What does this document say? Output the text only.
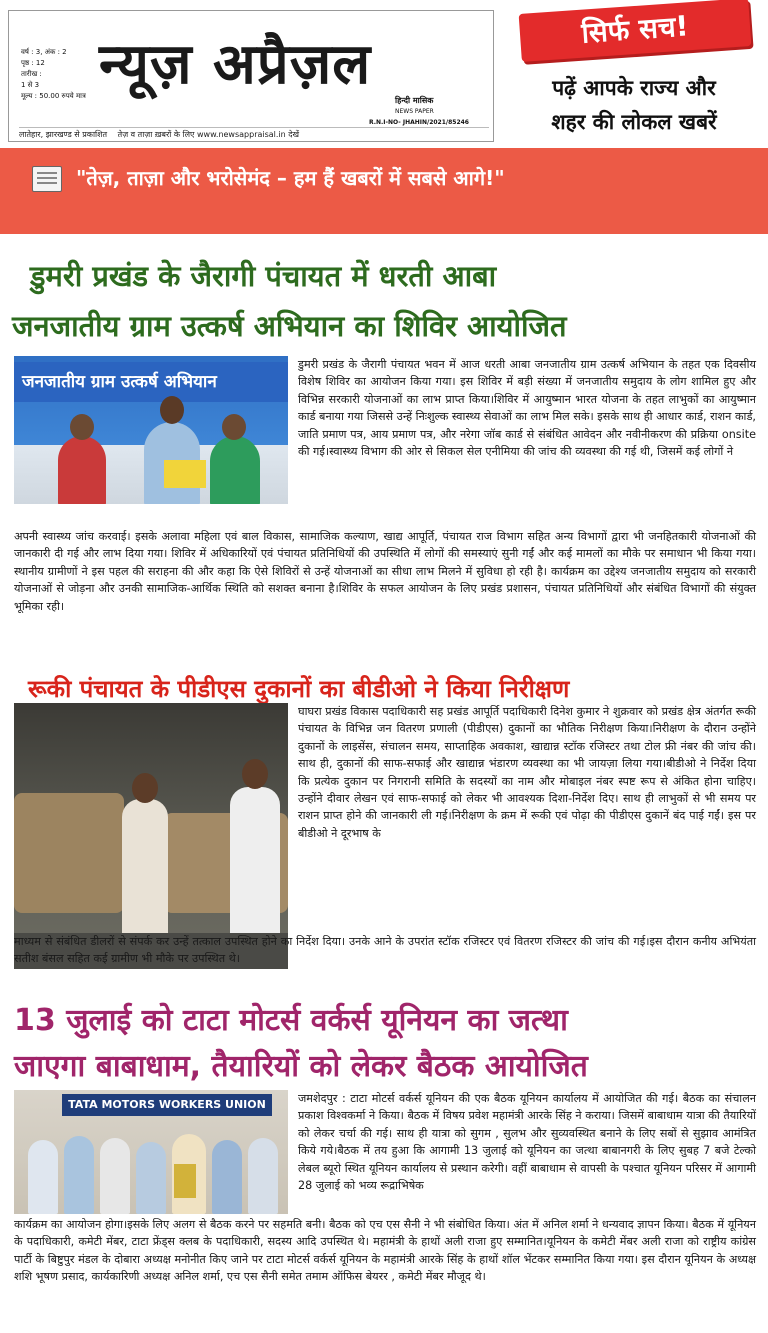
वर्ष : 3, अंक : 2
पृष्ठ : 12
तारीख :
1 से 3
मूल्य : 50.00 रुपये मात्र न्यूज़ अप्रैज़ल
हिन्दी मासिक
NEWS PAPER
R.N.I-NO- JHAHIN/2021/85246
लातेहार, झारखण्ड से प्रकाशित तेज़ व ताज़ा ख़बरों के लिए www.newsappraisal.in देखें
सिर्फ सच!
पढ़ें आपके राज्य और
शहर की लोकल खबरें
"तेज़, ताज़ा और भरोसेमंद – हम हैं खबरों में सबसे आगे!"
डुमरी प्रखंड के जैरागी पंचायत में धरती आबा
जनजातीय ग्राम उत्कर्ष अभियान का शिविर आयोजित
जनजातीय ग्राम उत्कर्ष अभियान
डुमरी प्रखंड के जैरागी पंचायत भवन में आज धरती आबा जनजातीय ग्राम उत्कर्ष अभियान के तहत एक दिवसीय विशेष शिविर का आयोजन किया गया। इस शिविर में बड़ी संख्या में जनजातीय समुदाय के लोग शामिल हुए और विभिन्न सरकारी योजनाओं का लाभ प्राप्त किया।शिविर में आयुष्मान भारत योजना के तहत लाभुकों का आयुष्मान कार्ड बनाया गया जिससे उन्हें निःशुल्क स्वास्थ्य सेवाओं का लाभ मिल सके। इसके साथ ही आधार कार्ड, राशन कार्ड, जाति प्रमाण पत्र, आय प्रमाण पत्र, और नरेगा जॉब कार्ड से संबंधित आवेदन और नवीनीकरण की प्रक्रिया onsite की गई।स्वास्थ्य विभाग की ओर से सिकल सेल एनीमिया की जांच की व्यवस्था की गई थी, जिसमें कई लोगों ने
अपनी स्वास्थ्य जांच करवाई। इसके अलावा महिला एवं बाल विकास, सामाजिक कल्याण, खाद्य आपूर्ति, पंचायत राज विभाग सहित अन्य विभागों द्वारा भी जनहितकारी योजनाओं की जानकारी दी गई और लाभ दिया गया। शिविर में अधिकारियों एवं पंचायत प्रतिनिधियों की उपस्थिति में लोगों की समस्याएं सुनी गईं और कई मामलों का मौके पर समाधान भी किया गया। स्थानीय ग्रामीणों ने इस पहल की सराहना की और कहा कि ऐसे शिविरों से उन्हें योजनाओं का सीधा लाभ मिलने में सुविधा हो रही है। कार्यक्रम का उद्देश्य जनजातीय समुदाय को सरकारी योजनाओं से जोड़ना और उनकी सामाजिक-आर्थिक स्थिति को सशक्त बनाना है।शिविर के सफल आयोजन के लिए प्रखंड प्रशासन, पंचायत प्रतिनिधियों और संबंधित विभागों की संयुक्त भूमिका रही।
रूकी पंचायत के पीडीएस दुकानों का बीडीओ ने किया निरीक्षण
घाघरा प्रखंड विकास पदाधिकारी सह प्रखंड आपूर्ति पदाधिकारी दिनेश कुमार ने शुक्रवार को प्रखंड क्षेत्र अंतर्गत रूकी पंचायत के विभिन्न जन वितरण प्रणाली (पीडीएस) दुकानों का भौतिक निरीक्षण किया।निरीक्षण के दौरान उन्होंने दुकानों के लाइसेंस, संचालन समय, साप्ताहिक अवकाश, खाद्यान्न स्टॉक रजिस्टर तथा टोल फ्री नंबर की जांच की। साथ ही, दुकानों की साफ-सफाई और खाद्यान्न भंडारण व्यवस्था का भी जायज़ा लिया गया।बीडीओ ने निर्देश दिया कि प्रत्येक दुकान पर निगरानी समिति के सदस्यों का नाम और मोबाइल नंबर स्पष्ट रूप से अंकित होना चाहिए। उन्होंने दीवार लेखन एवं साफ-सफाई को लेकर भी आवश्यक दिशा-निर्देश दिए। साथ ही लाभुकों से भी समय पर राशन प्राप्त होने की जानकारी ली गई।निरीक्षण के क्रम में रूकी एवं पोढ़ा की पीडीएस दुकानें बंद पाई गईं। इस पर बीडीओ ने दूरभाष के
माध्यम से संबंधित डीलरों से संपर्क कर उन्हें तत्काल उपस्थित होने का निर्देश दिया। उनके आने के उपरांत स्टॉक रजिस्टर एवं वितरण रजिस्टर की जांच की गई।इस दौरान कनीय अभियंता सतीश बंसल सहित कई ग्रामीण भी मौके पर उपस्थित थे।
13 जुलाई को टाटा मोटर्स वर्कर्स यूनियन का जत्था
जाएगा बाबाधाम, तैयारियों को लेकर बैठक आयोजित
TATA MOTORS WORKERS UNION	जमशेदपुर : टाटा मोटर्स वर्कर्स यूनियन की एक बैठक यूनियन कार्यालय में आयोजित की गई। बैठक का संचालन प्रकाश विश्वकर्मा ने किया। बैठक में विषय प्रवेश महामंत्री आरके सिंह ने कराया। जिसमें बाबाधाम यात्रा की तैयारियों को लेकर चर्चा की गई। साथ ही यात्रा को सुगम , सुलभ और सुव्यवस्थित बनाने के लिए सबों से सुझाव आमंत्रित किये गये।बैठक में तय हुआ कि आगामी 13 जुलाई को यूनियन का जत्था बाबानगरी के लिए सुबह 7 बजे टेल्को लेबल ब्यूरो स्थित यूनियन कार्यालय से प्रस्थान करेगी। वहीं बाबाधाम से वापसी के पश्चात यूनियन परिसर में आगामी 28 जुलाई को भव्य रूद्राभिषेक
कार्यक्रम का आयोजन होगा।इसके लिए अलग से बैठक करने पर सहमति बनी। बैठक को एच एस सैनी ने भी संबोधित किया। अंत में अनिल शर्मा ने धन्यवाद ज्ञापन किया। बैठक में यूनियन के पदाधिकारी, कमेटी मेंबर, टाटा फ्रेंड्स क्लब के पदाधिकारी, सदस्य आदि उपस्थित थे। महामंत्री के हाथों अली राजा हुए सम्मानित।यूनियन के कमेटी मेंबर अली राजा को राष्ट्रीय कांग्रेस पार्टी के बिष्टुपुर मंडल के दोबारा अध्यक्ष मनोनीत किए जाने पर टाटा मोटर्स वर्कर्स यूनियन के महामंत्री आरके सिंह के हाथों शॉल भेंटकर सम्मानित किया गया। इस दौरान यूनियन के अध्यक्ष शशि भूषण प्रसाद, कार्यकारिणी अध्यक्ष अनिल शर्मा, एच एस सैनी समेत तमाम ऑफिस बेयरर , कमेटी मेंबर मौजूद थे।
